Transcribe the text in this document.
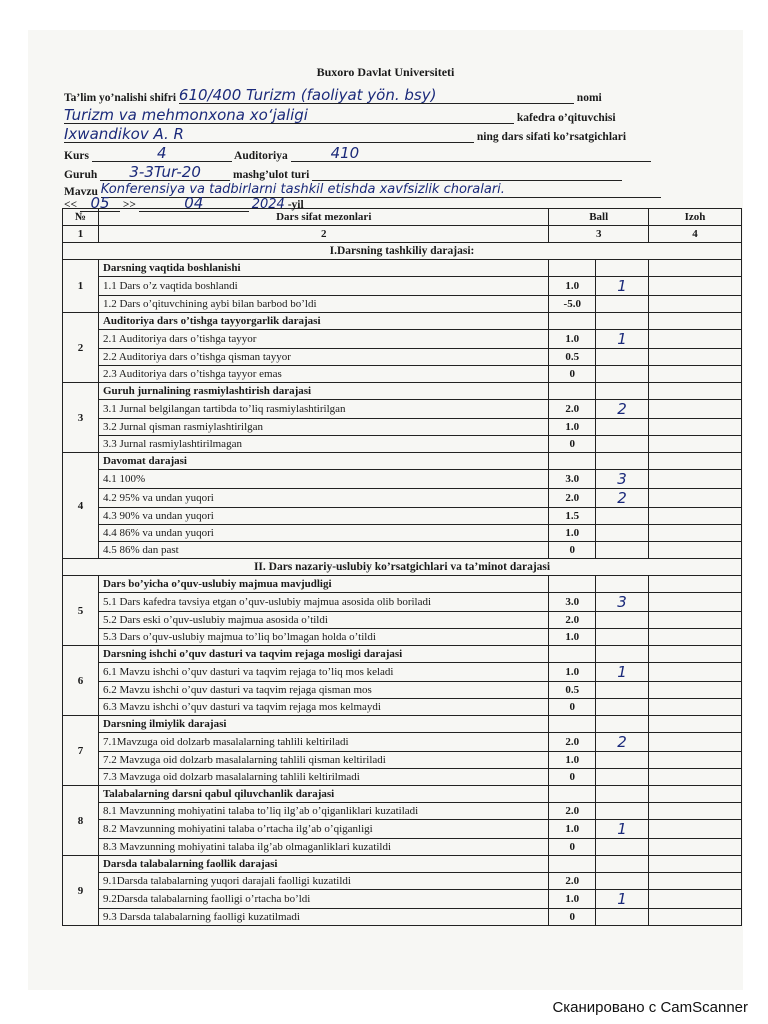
Buxoro Davlat Universiteti
Ta’lim yo’nalishi shifri 610/400 Turizm (faoliyat yön. bsy)	nomi
Turizm va mehmonxona xo‘jaligi	kafedra o’qituvchisi
Ixwandikov A. R	ning dars sifati ko’rsatgichlari
Kurs	4	Auditoriya	410
Guruh 3-3Tur-20	mashg’ulot turi
Mavzu Konferensiya va tadbirlarni tashkil etishda xavfsizlik choralari.
<< 05 >>	04	2024 -yil
№	Dars sifat mezonlari	Ball		Izoh
1	2	3		4
I.Darsning tashkiliy darajasi:				
1	Darsning vaqtida boshlanishi			
	1.1 Dars o’z vaqtida boshlandi	1.0	1	
	1.2 Dars o’qituvchining aybi bilan barbod bo’ldi	-5.0		
2	Auditoriya dars o’tishga tayyorgarlik darajasi			
	2.1 Auditoriya dars o’tishga tayyor	1.0	1	
	2.2 Auditoriya dars o’tishga qisman tayyor	0.5		
	2.3 Auditoriya dars o’tishga tayyor emas	0		
3	Guruh jurnalining rasmiylashtirish darajasi			
	3.1 Jurnal belgilangan tartibda to’liq rasmiylashtirilgan	2.0	2	
	3.2 Jurnal qisman rasmiylashtirilgan	1.0		
	3.3 Jurnal rasmiylashtirilmagan	0		
4	Davomat darajasi			
	4.1 100%	3.0	3	
	4.2 95% va undan yuqori	2.0	2	
	4.3 90% va undan yuqori	1.5		
	4.4 86% va undan yuqori	1.0		
	4.5 86% dan past	0		
II. Dars nazariy-uslubiy ko’rsatgichlari va ta’minot darajasi				
5	Dars bo’yicha o’quv-uslubiy majmua mavjudligi			
	5.1 Dars kafedra tavsiya etgan o’quv-uslubiy majmua asosida olib boriladi	3.0	3	
	5.2 Dars eski o’quv-uslubiy majmua asosida o’tildi	2.0		
	5.3 Dars o’quv-uslubiy majmua to’liq bo’lmagan holda o’tildi	1.0		
6	Darsning ishchi o’quv dasturi va taqvim rejaga mosligi darajasi			
	6.1 Mavzu ishchi o’quv dasturi va taqvim rejaga to’liq mos keladi	1.0	1	
	6.2 Mavzu ishchi o’quv dasturi va taqvim rejaga qisman mos	0.5		
	6.3 Mavzu ishchi o’quv dasturi va taqvim rejaga mos kelmaydi	0		
7	Darsning ilmiylik darajasi			
	7.1Mavzuga oid dolzarb masalalarning tahlili keltiriladi	2.0	2	
	7.2 Mavzuga oid dolzarb masalalarning tahlili qisman keltiriladi	1.0		
	7.3 Mavzuga oid dolzarb masalalarning tahlili keltirilmadi	0		
8	Talabalarning darsni qabul qiluvchanlik darajasi			
	8.1 Mavzunning mohiyatini talaba to’liq ilg’ab o’qiganliklari kuzatiladi	2.0		
	8.2 Mavzunning mohiyatini talaba o’rtacha ilg’ab o’qiganligi	1.0	1	
	8.3 Mavzunning mohiyatini talaba ilg’ab olmaganliklari kuzatildi	0		
9	Darsda talabalarning faollik darajasi			
	9.1Darsda talabalarning yuqori darajali faolligi kuzatildi	2.0		
	9.2Darsda talabalarning faolligi o’rtacha bo’ldi	1.0	1	
	9.3 Darsda talabalarning faolligi kuzatilmadi	0		
Сканировано с CamScanner
